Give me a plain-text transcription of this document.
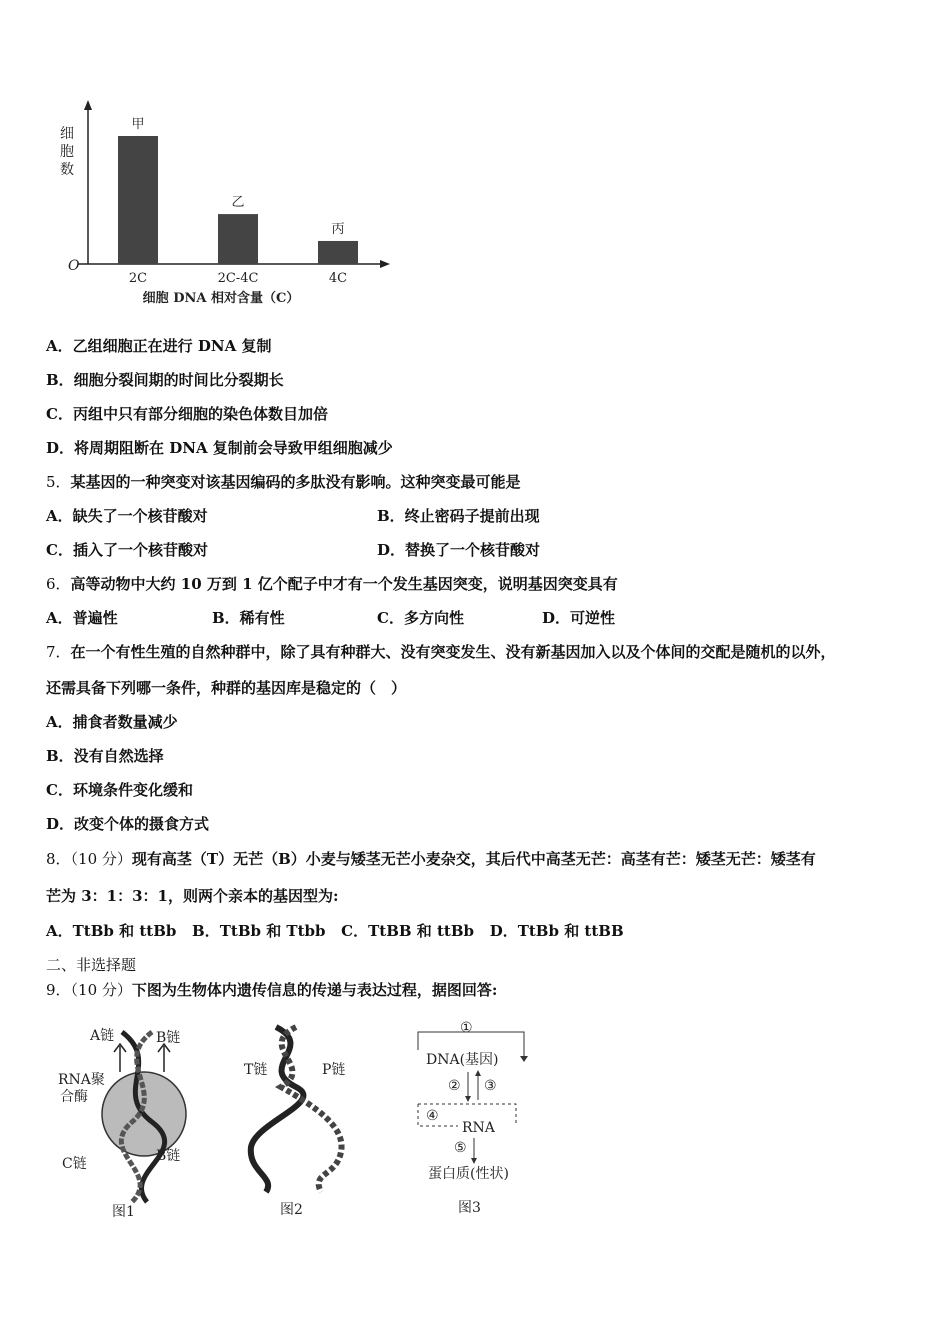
甲
2C
乙
2C-4C
丙
4C
细
胞
数
O
细胞 DNA 相对含量（C）
A．乙组细胞正在进行 DNA 复制
B．细胞分裂间期的时间比分裂期长
C．丙组中只有部分细胞的染色体数目加倍
D．将周期阻断在 DNA 复制前会导致甲组细胞减少
5．某基因的一种突变对该基因编码的多肽没有影响。这种突变最可能是
A．缺失了一个核苷酸对	B．终止密码子提前出现
C．插入了一个核苷酸对	D．替换了一个核苷酸对
6．高等动物中大约 10 万到 1 亿个配子中才有一个发生基因突变，说明基因突变具有
A．普遍性	B．稀有性	C．多方向性	D．可逆性
7．在一个有性生殖的自然种群中，除了具有种群大、没有突变发生、没有新基因加入以及个体间的交配是随机的以外，
还需具备下列哪一条件，种群的基因库是稳定的（　）
A．捕食者数量减少
B．没有自然选择
C．环境条件变化缓和
D．改变个体的摄食方式
8．（10 分）现有高茎（T）无芒（B）小麦与矮茎无芒小麦杂交，其后代中高茎无芒：高茎有芒：矮茎无芒：矮茎有
芒为 3：1：3：1，则两个亲本的基因型为:
A．TtBb 和 ttBb B．TtBb 和 Ttbb C．TtBB 和 ttBb D．TtBb 和 ttBB
二、非选择题
9．（10 分）下图为生物体内遗传信息的传递与表达过程，据图回答:
A链	B链
RNA聚
合酶
C链	B链
图1
T链	P链
图2
①
DNA(基因)
② ③
④
RNA
⑤
蛋白质(性状)
图3
